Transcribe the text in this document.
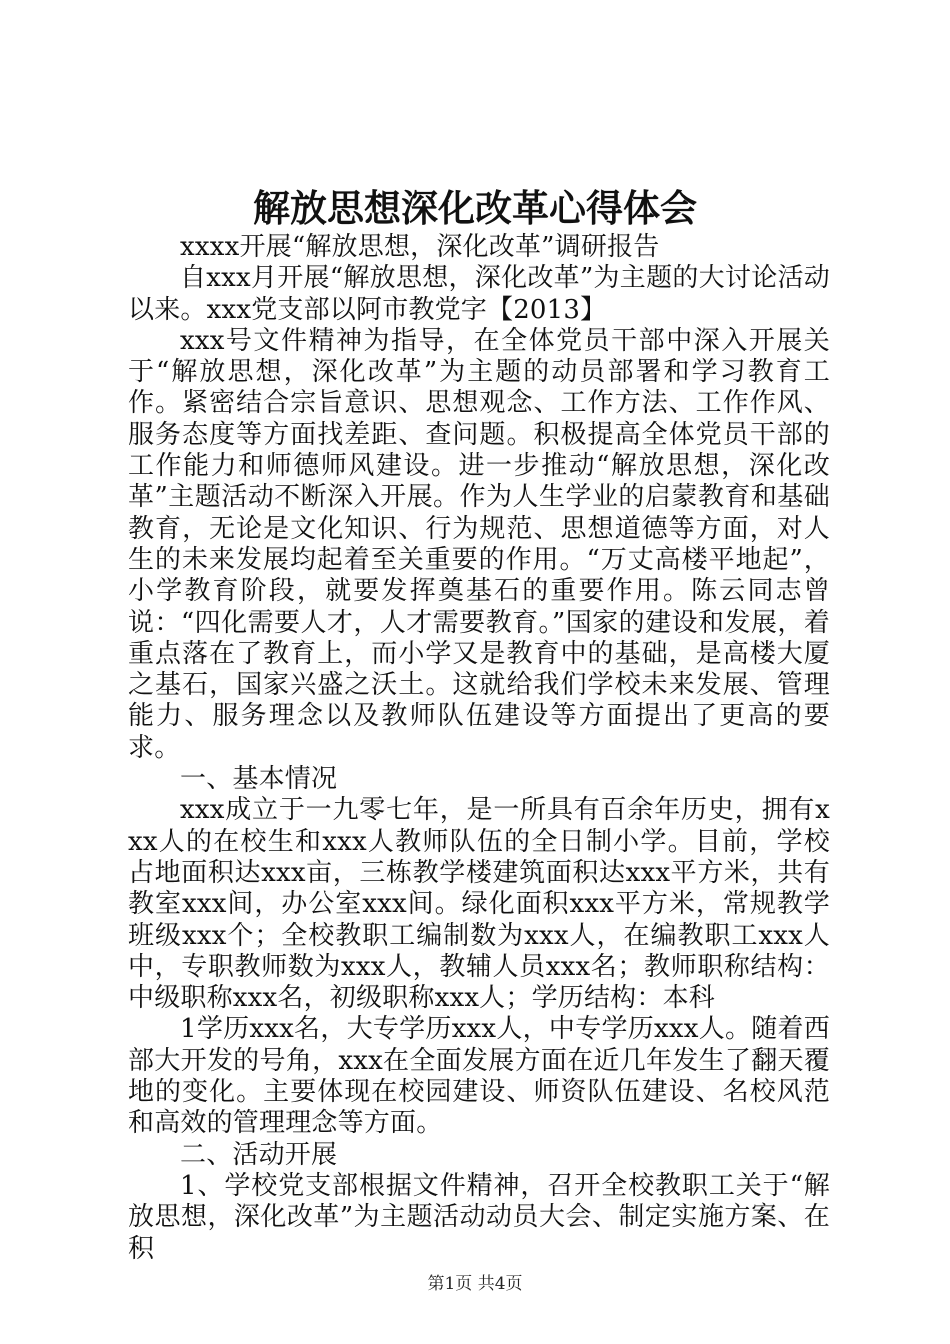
解放思想深化改革心得体会

xxxx开展“解放思想，深化改革”调研报告

自xxx月开展“解放思想，深化改革”为主题的大讨论活动以来。xxx党支部以阿市教党字【2013】

xxx号文件精神为指导，在全体党员干部中深入开展关于“解放思想，深化改革”为主题的动员部署和学习教育工作。紧密结合宗旨意识、思想观念、工作方法、工作作风、服务态度等方面找差距、查问题。积极提高全体党员干部的工作能力和师德师风建设。进一步推动“解放思想，深化改革”主题活动不断深入开展。作为人生学业的启蒙教育和基础教育，无论是文化知识、行为规范、思想道德等方面，对人生的未来发展均起着至关重要的作用。“万丈高楼平地起”，小学教育阶段，就要发挥奠基石的重要作用。陈云同志曾说：“四化需要人才，人才需要教育。”国家的建设和发展，着重点落在了教育上，而小学又是教育中的基础，是高楼大厦之基石，国家兴盛之沃土。这就给我们学校未来发展、管理能力、服务理念以及教师队伍建设等方面提出了更高的要求。

一、基本情况

xxx成立于一九零七年，是一所具有百余年历史，拥有xxx人的在校生和xxx人教师队伍的全日制小学。目前，学校占地面积达xxx亩，三栋教学楼建筑面积达xxx平方米，共有教室xxx间，办公室xxx间。绿化面积xxx平方米，常规教学班级xxx个；全校教职工编制数为xxx人，在编教职工xxx人中，专职教师数为xxx人，教辅人员xxx名；教师职称结构：中级职称xxx名，初级职称xxx人；学历结构：本科

1学历xxx名，大专学历xxx人，中专学历xxx人。随着西部大开发的号角，xxx在全面发展方面在近几年发生了翻天覆地的变化。主要体现在校园建设、师资队伍建设、名校风范和高效的管理理念等方面。

二、活动开展

1、学校党支部根据文件精神，召开全校教职工关于“解放思想，深化改革”为主题活动动员大会、制定实施方案、在积

第1页 共4页
